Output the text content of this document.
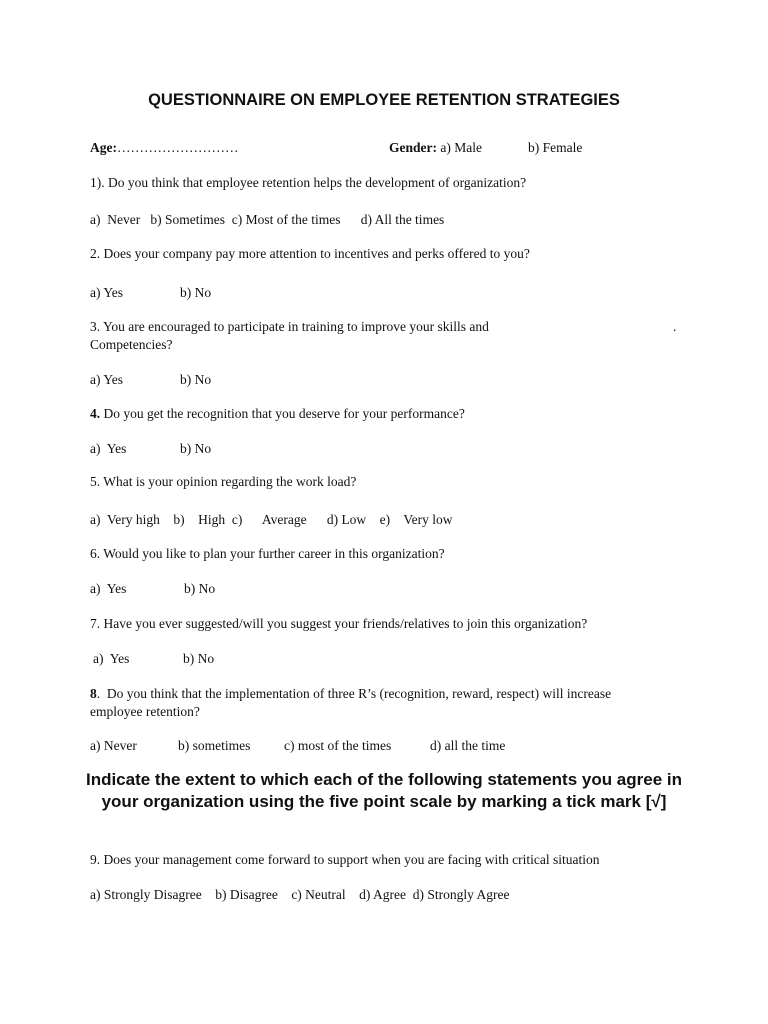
QUESTIONNAIRE ON EMPLOYEE RETENTION STRATEGIES
Age:………………………	Gender: a) Male	b) Female
1). Do you think that employee retention helps the development of organization?
a)  Never   b) Sometimes  c) Most of the times      d) All the times
2. Does your company pay more attention to incentives and perks offered to you?
a) Yes	b) No
3. You are encouraged to participate in training to improve your skills and	.
Competencies?
a) Yes	b) No
4. Do you get the recognition that you deserve for your performance?
a)  Yes	b) No
5. What is your opinion regarding the work load?
a)  Very high    b)    High  c)      Average      d) Low    e)    Very low
6. Would you like to plan your further career in this organization?
a)  Yes	b) No
7. Have you ever suggested/will you suggest your friends/relatives to join this organization?
a)  Yes	b) No
8.  Do you think that the implementation of three R’s (recognition, reward, respect) will increase
employee retention?
a) Never	b) sometimes c) most of the times	d) all the time
Indicate the extent to which each of the following statements you agree in your organization using the five point scale by marking a tick mark [√]
9. Does your management come forward to support when you are facing with critical situation
a) Strongly Disagree    b) Disagree    c) Neutral    d) Agree  d) Strongly Agree
